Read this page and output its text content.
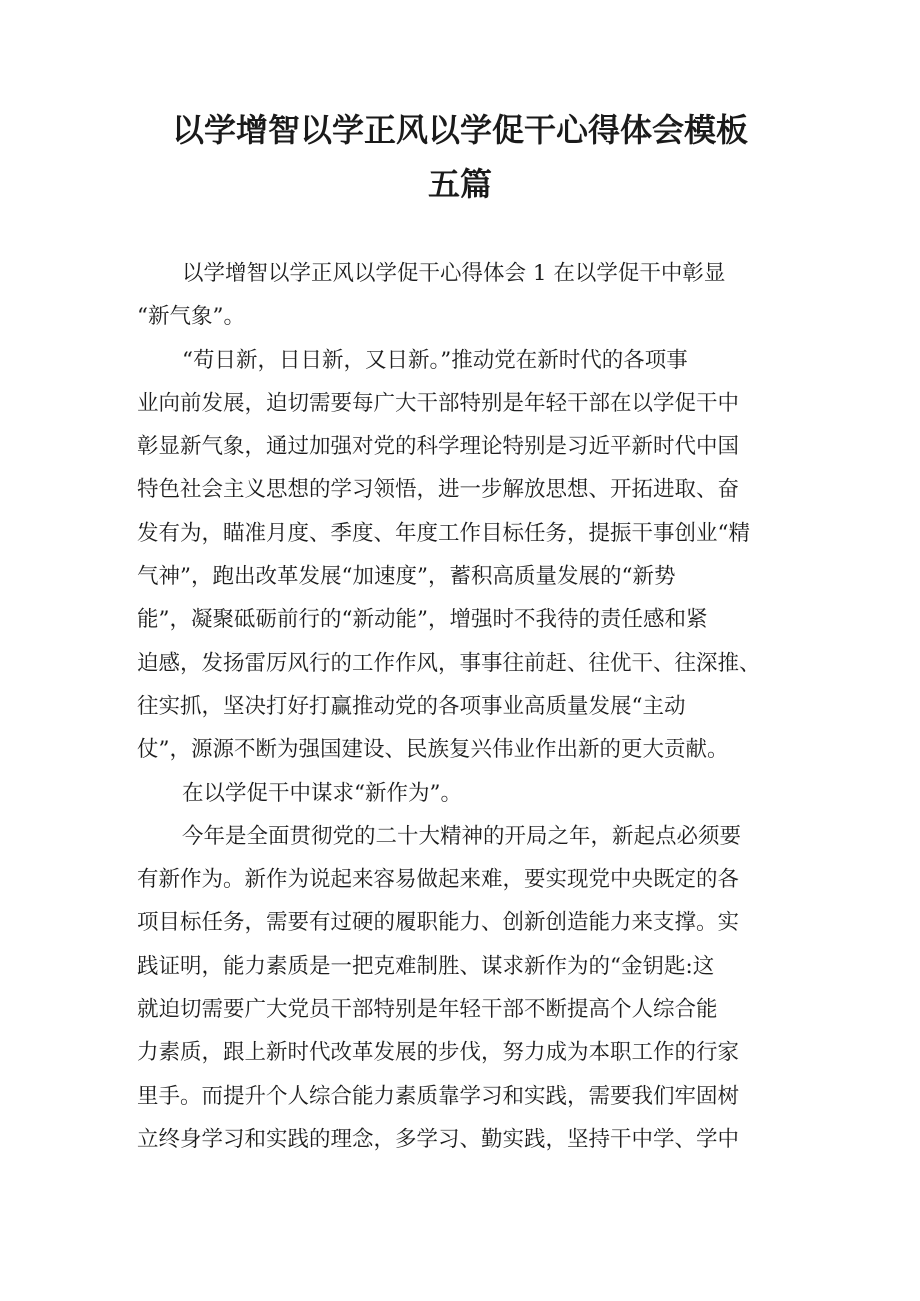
以学增智以学正风以学促干心得体会模板
五篇
以学增智以学正风以学促干心得体会 1 在以学促干中彰显
“新气象”。
“苟日新，日日新，又日新。”推动党在新时代的各项事
业向前发展，迫切需要每广大干部特别是年轻干部在以学促干中
彰显新气象，通过加强对党的科学理论特别是习近平新时代中国
特色社会主义思想的学习领悟，进一步解放思想、开拓进取、奋
发有为，瞄准月度、季度、年度工作目标任务，提振干事创业“精
气神”，跑出改革发展“加速度”，蓄积高质量发展的“新势
能”，凝聚砥砺前行的“新动能”，增强时不我待的责任感和紧
迫感，发扬雷厉风行的工作作风，事事往前赶、往优干、往深推、
往实抓，坚决打好打赢推动党的各项事业高质量发展“主动
仗”，源源不断为强国建设、民族复兴伟业作出新的更大贡献。
在以学促干中谋求“新作为”。
今年是全面贯彻党的二十大精神的开局之年，新起点必须要
有新作为。新作为说起来容易做起来难，要实现党中央既定的各
项目标任务，需要有过硬的履职能力、创新创造能力来支撑。实
践证明，能力素质是一把克难制胜、谋求新作为的“金钥匙:这
就迫切需要广大党员干部特别是年轻干部不断提高个人综合能
力素质，跟上新时代改革发展的步伐，努力成为本职工作的行家
里手。而提升个人综合能力素质靠学习和实践，需要我们牢固树
立终身学习和实践的理念，多学习、勤实践，坚持干中学、学中
